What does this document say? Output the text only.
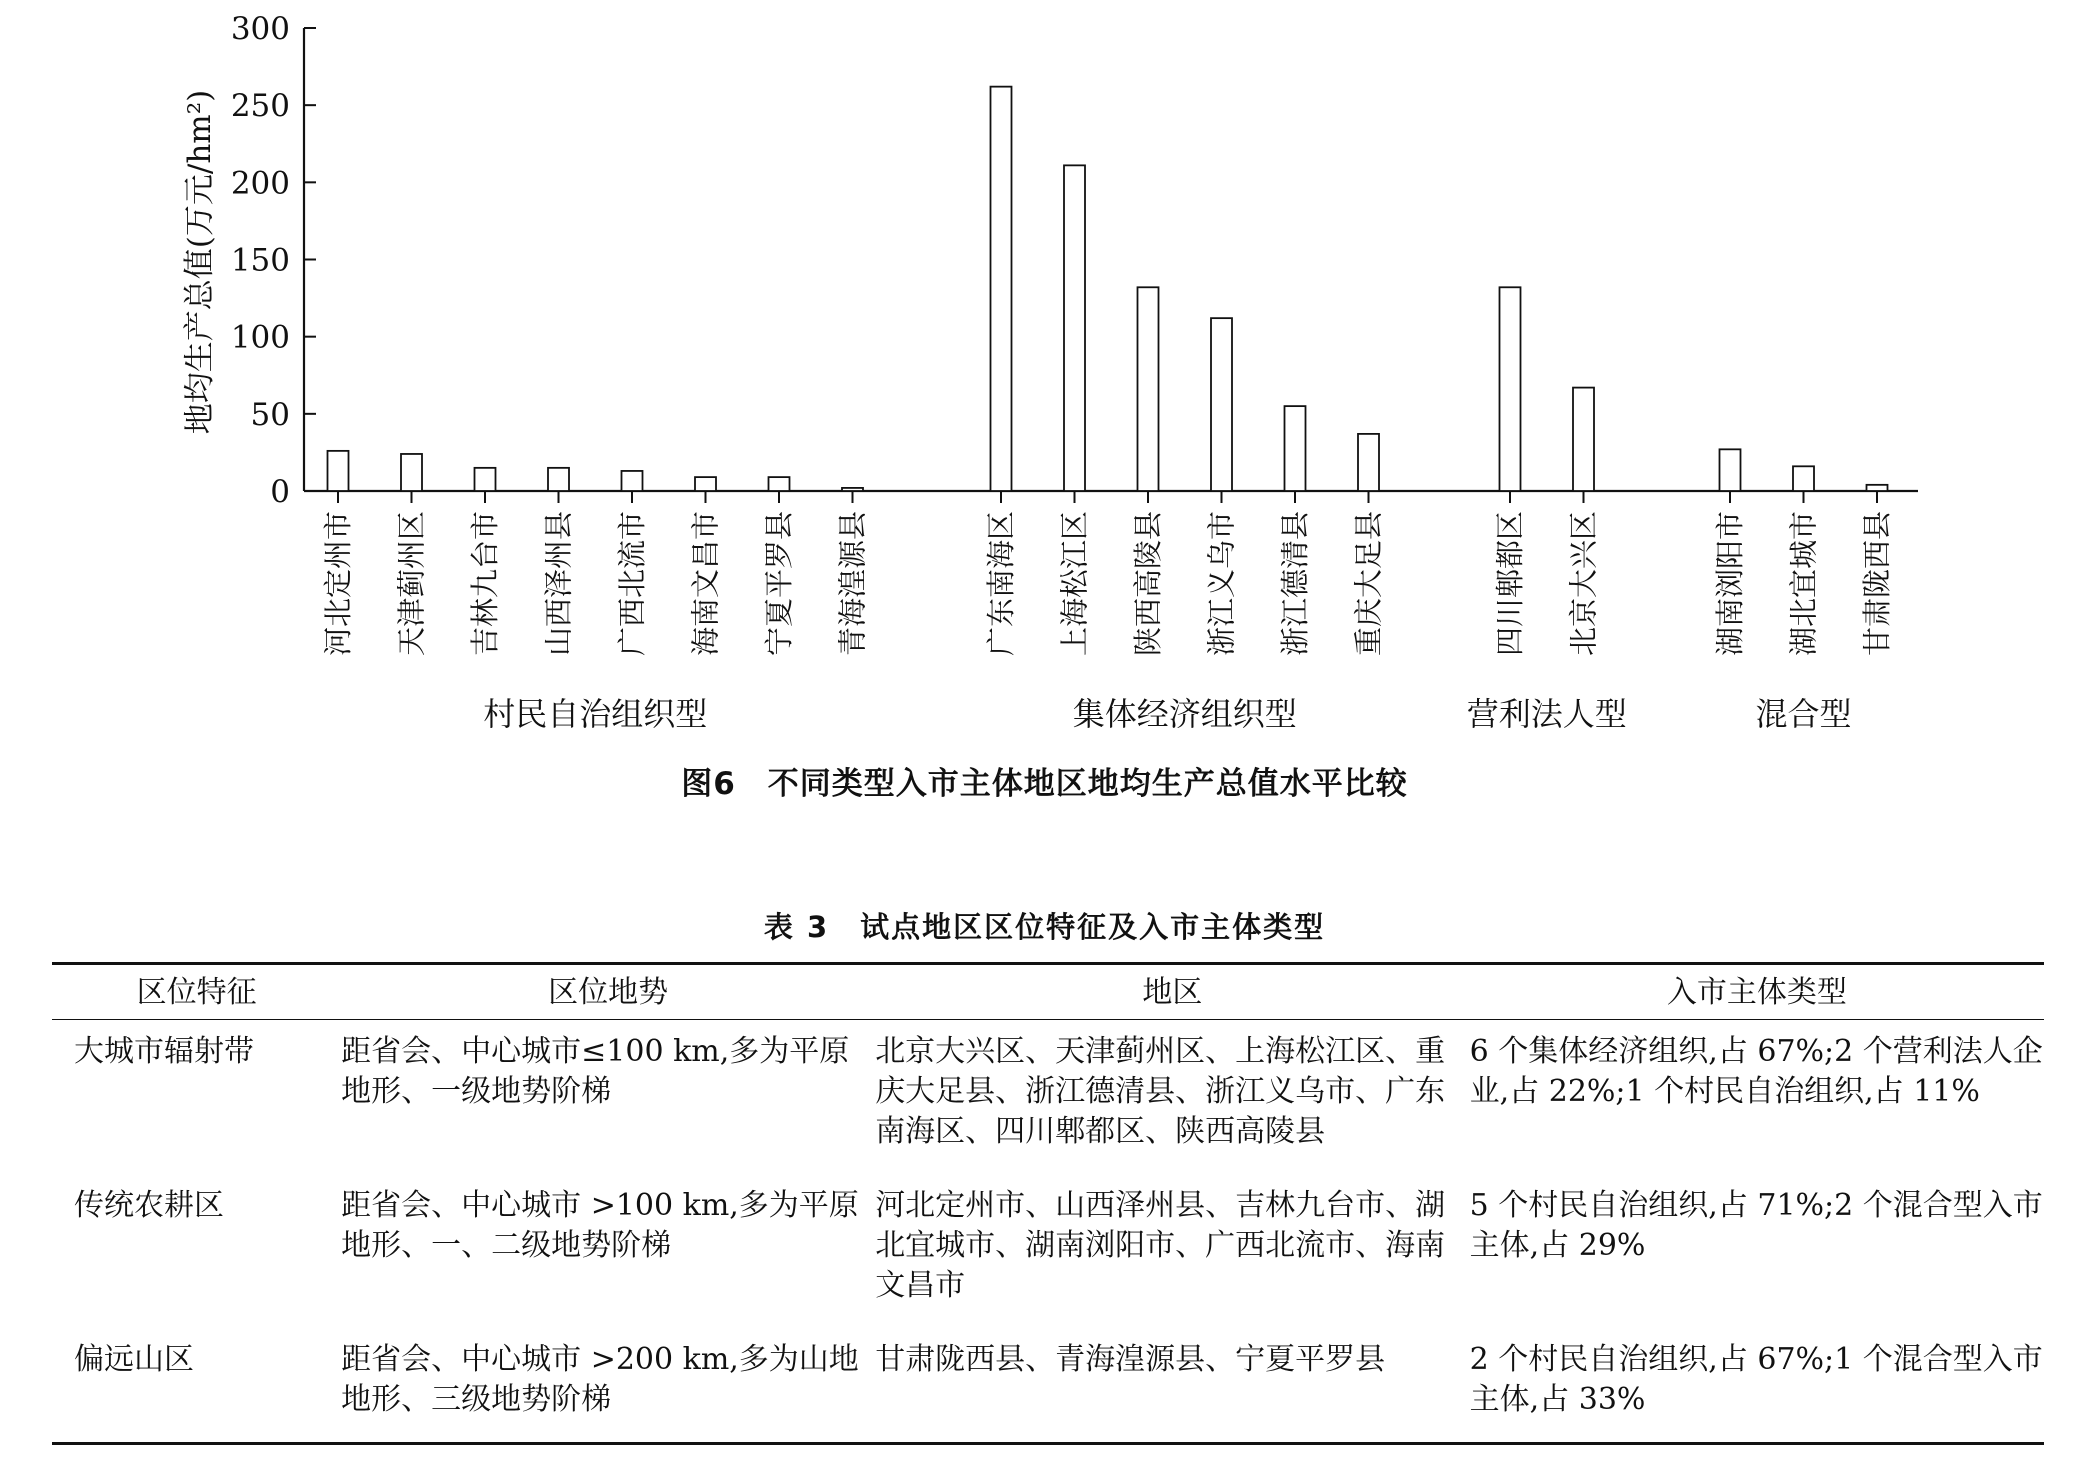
0
50
100
150
200
250
300
河北定州市 天津蓟州区 吉林九台市 山西泽州县 广西北流市 海南文昌市 宁夏平罗县 青海湟源县	广东南海区 上海松江区 陕西高陵县 浙江义乌市 浙江德清县 重庆大足县	四川郫都区 北京大兴区	湖南浏阳市 湖北宜城市 甘肃陇西县
村民自治组织型	集体经济组织型	营利法人型	混合型
地均生产总值(万元/hm²)
图6　不同类型入市主体地区地均生产总值水平比较
表 3　试点地区区位特征及入市主体类型
区位特征	区位地势	地区	入市主体类型

大城市辐射带	距省会、中心城市≤100 km,多为平原地形、一级地势阶梯	北京大兴区、天津蓟州区、上海松江区、重庆大足县、浙江德清县、浙江义乌市、广东南海区、四川郫都区、陕西高陵县	6 个集体经济组织,占 67%;2 个营利法人企业,占 22%;1 个村民自治组织,占 11%

传统农耕区	距省会、中心城市 >100 km,多为平原地形、一、二级地势阶梯	河北定州市、山西泽州县、吉林九台市、湖北宜城市、湖南浏阳市、广西北流市、海南文昌市	5 个村民自治组织,占 71%;2 个混合型入市主体,占 29%

偏远山区	距省会、中心城市 >200 km,多为山地地形、三级地势阶梯	甘肃陇西县、青海湟源县、宁夏平罗县	2 个村民自治组织,占 67%;1 个混合型入市主体,占 33%
